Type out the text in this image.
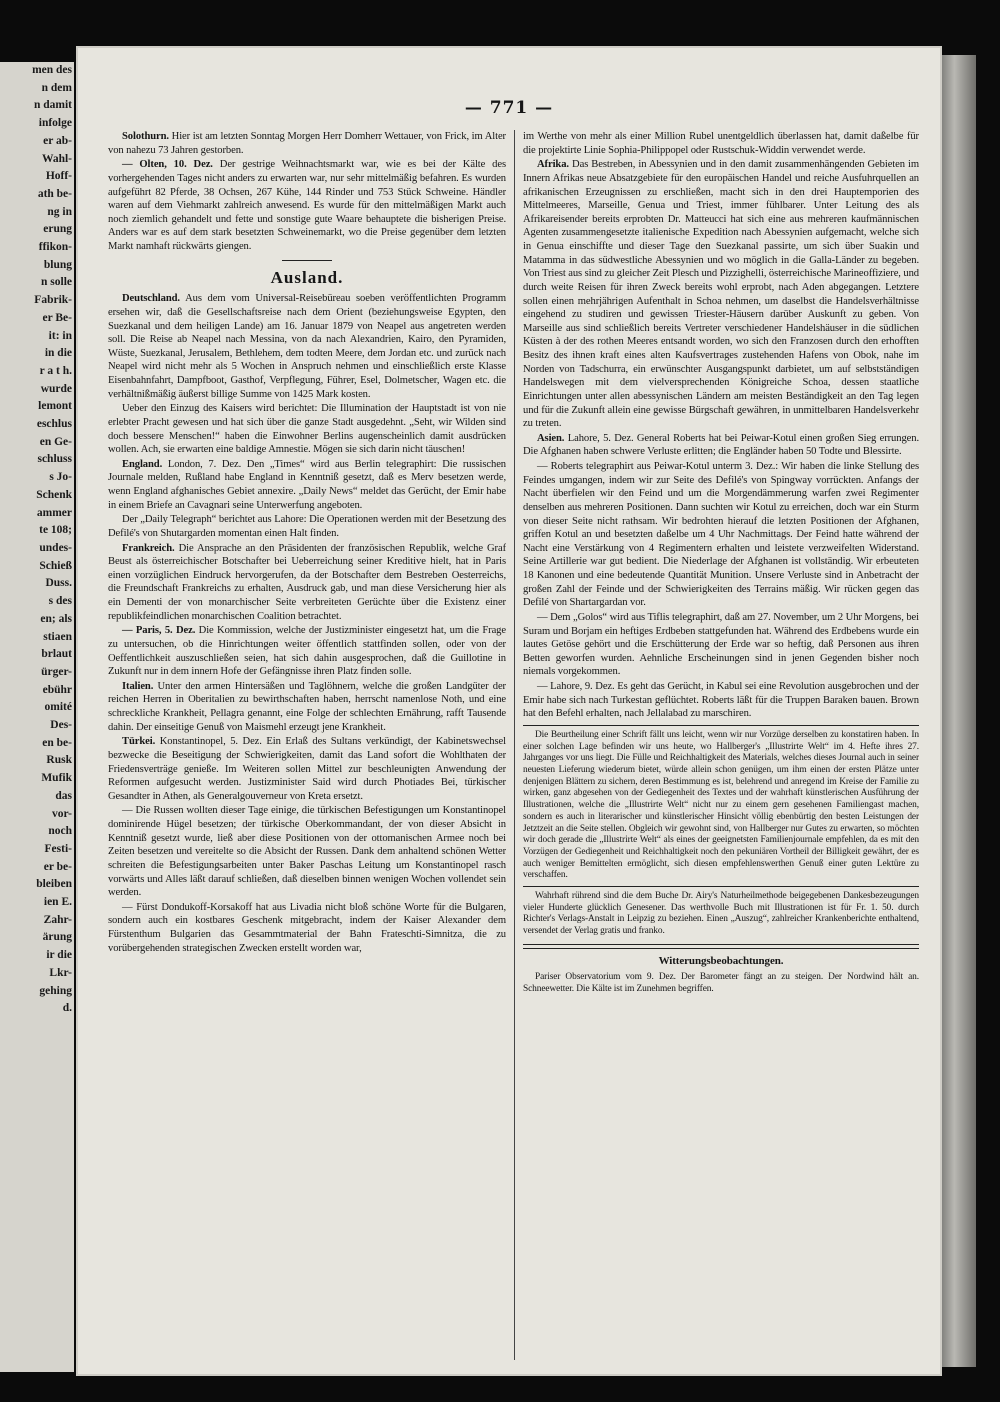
men des
n dem
n damit
infolge
er ab-
Wahl-
Hoff-
ath be-
ng in
erung
ffikon-
blung
n solle
Fabrik-
er Be-
it: in
in die
r a t h.
wurde
lemont
eschlus
en Ge-
schluss
s Jo-
Schenk
ammer
te 108;
undes-
Schieß
Duss.
s des
en; als
stiaen
brlaut
ürger-
ebühr
omité
Des-
en be-
Rusk
Mufik
das
vor-
noch
Festi-
er be-
bleiben
ien E.
Zahr-
ärung
ir die
Lkr-
gehing
d.
— 771 —

Solothurn. Hier ist am letzten Sonntag Morgen Herr Domherr Wettauer, von Frick, im Alter von nahezu 73 Jahren gestorben.

— Olten, 10. Dez. Der gestrige Weihnachtsmarkt war, wie es bei der Kälte des vorhergehenden Tages nicht anders zu erwarten war, nur sehr mittelmäßig befahren. Es wurden aufgeführt 82 Pferde, 38 Ochsen, 267 Kühe, 144 Rinder und 753 Stück Schweine. Händler waren auf dem Viehmarkt zahlreich anwesend. Es wurde für den mittelmäßigen Markt auch noch ziemlich gehandelt und fette und sonstige gute Waare behauptete die bisherigen Preise. Anders war es auf dem stark besetzten Schweinemarkt, wo die Preise gegenüber dem letzten Markt namhaft rückwärts giengen.

Ausland.

Deutschland. Aus dem vom Universal-Reisebüreau soeben veröffentlichten Programm ersehen wir, daß die Gesellschaftsreise nach dem Orient (beziehungsweise Egypten, den Suezkanal und dem heiligen Lande) am 16. Januar 1879 von Neapel aus angetreten werden soll. Die Reise ab Neapel nach Messina, von da nach Alexandrien, Kairo, den Pyramiden, Wüste, Suezkanal, Jerusalem, Bethlehem, dem todten Meere, dem Jordan etc. und zurück nach Neapel wird nicht mehr als 5 Wochen in Anspruch nehmen und einschließlich erste Klasse Eisenbahnfahrt, Dampfboot, Gasthof, Verpflegung, Führer, Esel, Dolmetscher, Wagen etc. die verhältnißmäßig äußerst billige Summe von 1425 Mark kosten.

Ueber den Einzug des Kaisers wird berichtet: Die Illumination der Hauptstadt ist von nie erlebter Pracht gewesen und hat sich über die ganze Stadt ausgedehnt. „Seht, wir Wilden sind doch bessere Menschen!“ haben die Einwohner Berlins augenscheinlich damit ausdrücken wollen. Ach, sie erwarten eine baldige Amnestie. Mögen sie sich darin nicht täuschen!

England. London, 7. Dez. Den „Times“ wird aus Berlin telegraphirt: Die russischen Journale melden, Rußland habe England in Kenntniß gesetzt, daß es Merv besetzen werde, wenn England afghanisches Gebiet annexire. „Daily News“ meldet das Gerücht, der Emir habe in einem Briefe an Cavagnari seine Unterwerfung angeboten.

Der „Daily Telegraph“ berichtet aus Lahore: Die Operationen werden mit der Besetzung des Defilé's von Shutargarden momentan einen Halt finden.

Frankreich. Die Ansprache an den Präsidenten der französischen Republik, welche Graf Beust als österreichischer Botschafter bei Ueberreichung seiner Kreditive hielt, hat in Paris einen vorzüglichen Eindruck hervorgerufen, da der Botschafter dem Bestreben Oesterreichs, die Freundschaft Frankreichs zu erhalten, Ausdruck gab, und man diese Versicherung hier als ein Dementi der von monarchischer Seite verbreiteten Gerüchte über die Existenz einer republikfeindlichen monarchischen Coalition betrachtet.

— Paris, 5. Dez. Die Kommission, welche der Justizminister eingesetzt hat, um die Frage zu untersuchen, ob die Hinrichtungen weiter öffentlich stattfinden sollen, oder von der Oeffentlichkeit auszuschließen seien, hat sich dahin ausgesprochen, daß die Guillotine in Zukunft nur in dem innern Hofe der Gefängnisse ihren Platz finden solle.

Italien. Unter den armen Hintersäßen und Taglöhnern, welche die großen Landgüter der reichen Herren in Oberitalien zu bewirthschaften haben, herrscht namenlose Noth, und eine schreckliche Krankheit, Pellagra genannt, eine Folge der schlechten Ernährung, rafft Tausende dahin. Der einseitige Genuß von Maismehl erzeugt jene Krankheit.

Türkei. Konstantinopel, 5. Dez. Ein Erlaß des Sultans verkündigt, der Kabinetswechsel bezwecke die Beseitigung der Schwierigkeiten, damit das Land sofort die Wohlthaten der Friedensverträge genieße. Im Weiteren sollen Mittel zur beschleunigten Anwendung der Reformen aufgesucht werden. Justizminister Said wird durch Photiades Bei, türkischer Gesandter in Athen, als Generalgouverneur von Kreta ersetzt.

— Die Russen wollten dieser Tage einige, die türkischen Befestigungen um Konstantinopel dominirende Hügel besetzen; der türkische Oberkommandant, der von dieser Absicht in Kenntniß gesetzt wurde, ließ aber diese Positionen von der ottomanischen Armee noch bei Zeiten besetzen und vereitelte so die Absicht der Russen. Dank dem anhaltend schönen Wetter schreiten die Befestigungsarbeiten unter Baker Paschas Leitung um Konstantinopel rasch vorwärts und Alles läßt darauf schließen, daß dieselben binnen wenigen Wochen vollendet sein werden.

— Fürst Dondukoff-Korsakoff hat aus Livadia nicht bloß schöne Worte für die Bulgaren, sondern auch ein kostbares Geschenk mitgebracht, indem der Kaiser Alexander dem Fürstenthum Bulgarien das Gesammtmaterial der Bahn Frateschti-Simnitza, die zu vorübergehenden strategischen Zwecken erstellt worden war,

im Werthe von mehr als einer Million Rubel unentgeldlich überlassen hat, damit daßelbe für die projektirte Linie Sophia-Philippopel oder Rustschuk-Widdin verwendet werde.

Afrika. Das Bestreben, in Abessynien und in den damit zusammenhängenden Gebieten im Innern Afrikas neue Absatzgebiete für den europäischen Handel und reiche Ausfuhrquellen an afrikanischen Erzeugnissen zu erschließen, macht sich in den drei Hauptemporien des Mittelmeeres, Marseille, Genua und Triest, immer fühlbarer. Unter Leitung des als Afrikareisender bereits erprobten Dr. Matteucci hat sich eine aus mehreren kaufmännischen Agenten zusammengesetzte italienische Expedition nach Abessynien aufgemacht, welche sich in Genua einschiffte und dieser Tage den Suezkanal passirte, um sich über Suakin und Matamma in das südwestliche Abessynien und wo möglich in die Galla-Länder zu begeben. Von Triest aus sind zu gleicher Zeit Plesch und Pizzighelli, österreichische Marineoffiziere, und durch weite Reisen für ihren Zweck bereits wohl erprobt, nach Aden abgegangen. Letztere sollen einen mehrjährigen Aufenthalt in Schoa nehmen, um daselbst die Handelsverhältnisse eingehend zu studiren und gewissen Triester-Häusern darüber Auskunft zu geben. Von Marseille aus sind schließlich bereits Vertreter verschiedener Handelshäuser in die südlichen Küsten à der des rothen Meeres entsandt worden, wo sich den Franzosen durch den erhofften Besitz des ihnen kraft eines alten Kaufsvertrages zustehenden Hafens von Obok, nahe im Norden von Tadschurra, ein erwünschter Ausgangspunkt darbietet, um auf selbstständigen Handelswegen mit dem vielversprechenden Königreiche Schoa, dessen staatliche Einrichtungen unter allen abessynischen Ländern am meisten Beständigkeit an den Tag legen und für die Zukunft allein eine gewisse Bürgschaft gewähren, in unmittelbaren Handelsverkehr zu treten.

Asien. Lahore, 5. Dez. General Roberts hat bei Peiwar-Kotul einen großen Sieg errungen. Die Afghanen haben schwere Verluste erlitten; die Engländer haben 50 Todte und Blessirte.

— Roberts telegraphirt aus Peiwar-Kotul unterm 3. Dez.: Wir haben die linke Stellung des Feindes umgangen, indem wir zur Seite des Defilé's von Spingway vorrückten. Anfangs der Nacht überfielen wir den Feind und um die Morgendämmerung warfen zwei Regimenter denselben aus mehreren Positionen. Dann suchten wir Kotul zu erreichen, doch war ein Sturm von dieser Seite nicht rathsam. Wir bedrohten hierauf die letzten Positionen der Afghanen, griffen Kotul an und besetzten daßelbe um 4 Uhr Nachmittags. Der Feind hatte während der Nacht eine Verstärkung von 4 Regimentern erhalten und leistete verzweifelten Widerstand. Seine Artillerie war gut bedient. Die Niederlage der Afghanen ist vollständig. Wir erbeuteten 18 Kanonen und eine bedeutende Quantität Munition. Unsere Verluste sind in Anbetracht der großen Zahl der Feinde und der Schwierigkeiten des Terrains mäßig. Wir rücken gegen das Defilé von Shartargardan vor.

— Dem „Golos“ wird aus Tiflis telegraphirt, daß am 27. November, um 2 Uhr Morgens, bei Suram und Borjam ein heftiges Erdbeben stattgefunden hat. Während des Erdbebens wurde ein lautes Getöse gehört und die Erschütterung der Erde war so heftig, daß Personen aus ihren Betten geworfen wurden. Aehnliche Erscheinungen sind in jenen Gegenden bisher noch niemals vorgekommen.

— Lahore, 9. Dez. Es geht das Gerücht, in Kabul sei eine Revolution ausgebrochen und der Emir habe sich nach Turkestan geflüchtet. Roberts läßt für die Truppen Baraken bauen. Brown hat den Befehl erhalten, nach Jellalabad zu marschiren.

Die Beurtheilung einer Schrift fällt uns leicht, wenn wir nur Vorzüge derselben zu konstatiren haben. In einer solchen Lage befinden wir uns heute, wo Hallberger's „Illustrirte Welt“ im 4. Hefte ihres 27. Jahrganges vor uns liegt. Die Fülle und Reichhaltigkeit des Materials, welches dieses Journal auch in seiner neuesten Lieferung wiederum bietet, würde allein schon genügen, um ihm einen der ersten Plätze unter denjenigen Blättern zu sichern, deren Bestimmung es ist, belehrend und anregend im Kreise der Familie zu wirken, ganz abgesehen von der Gediegenheit des Textes und der wahrhaft künstlerischen Ausführung der Illustrationen, welche die „Illustrirte Welt“ nicht nur zu einem gern gesehenen Familiengast machen, sondern es auch in literarischer und künstlerischer Hinsicht völlig ebenbürtig den besten Leistungen der Jetztzeit an die Seite stellen. Obgleich wir gewohnt sind, von Hallberger nur Gutes zu erwarten, so möchten wir doch gerade die „Illustrirte Welt“ als eines der geeignetsten Familienjournale empfehlen, da es mit den Vorzügen der Gediegenheit und Reichhaltigkeit noch den pekuniären Vortheil der Billigkeit gewährt, der es auch weniger Bemittelten ermöglicht, sich diesen empfehlenswerthen Genuß einer guten Lektüre zu verschaffen.

Wahrhaft rührend sind die dem Buche Dr. Airy's Naturheilmethode beigegebenen Dankesbezeugungen vieler Hunderte glücklich Genesener. Das werthvolle Buch mit Illustrationen ist für Fr. 1. 50. durch Richter's Verlags-Anstalt in Leipzig zu beziehen. Einen „Auszug“, zahlreicher Krankenberichte enthaltend, versendet der Verlag gratis und franko.

Witterungsbeobachtungen.

Pariser Observatorium vom 9. Dez. Der Barometer fängt an zu steigen. Der Nordwind hält an. Schneewetter. Die Kälte ist im Zunehmen begriffen.
